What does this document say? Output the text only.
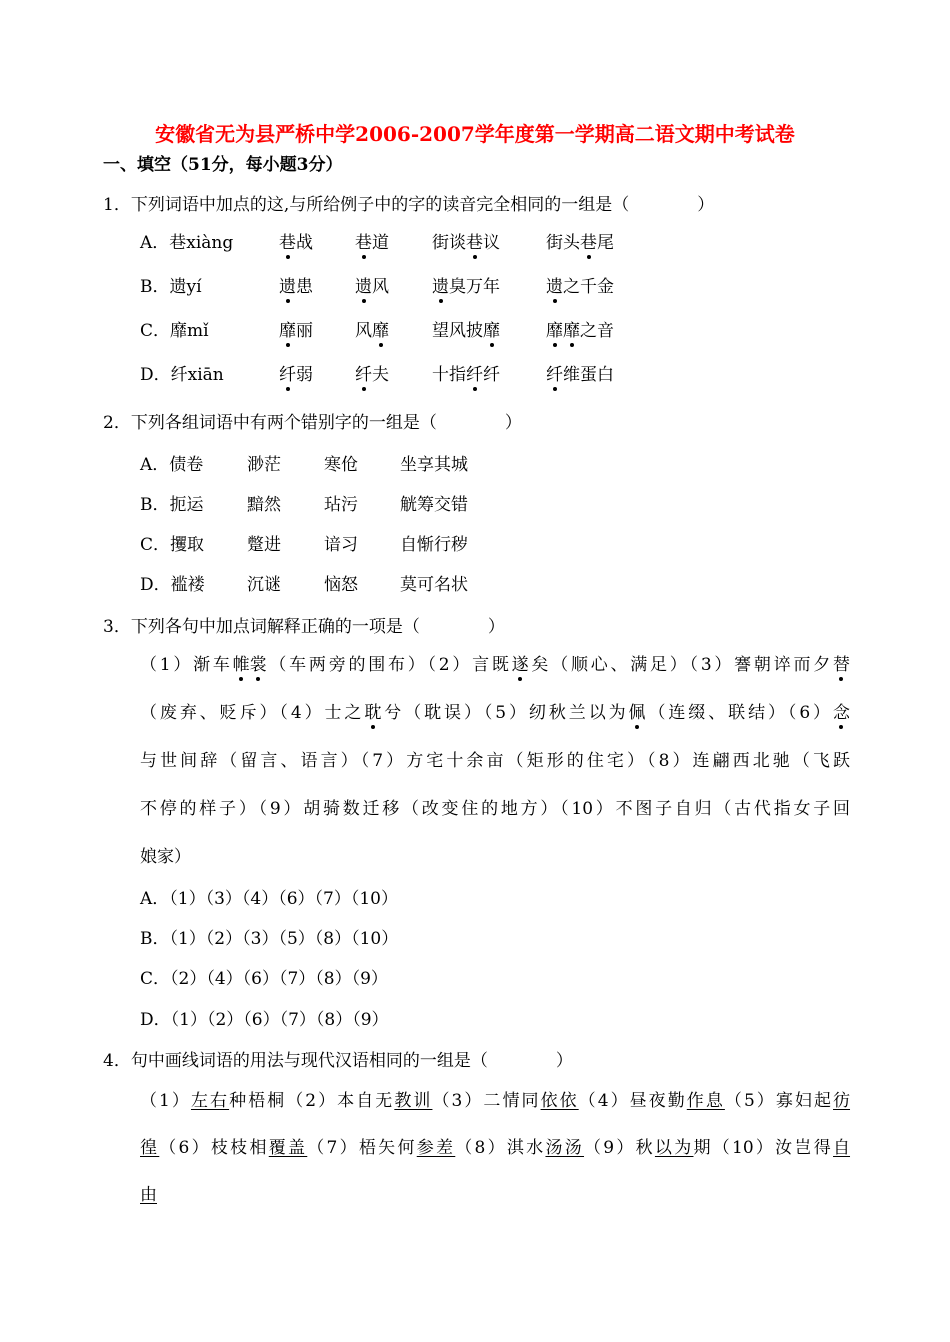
安徽省无为县严桥中学2006-2007学年度第一学期高二语文期中考试卷
一、填空（51分，每小题3分）
1．下列词语中加点的这,与所给例子中的字的读音完全相同的一组是（　　　　）
A．巷xiàng	巷战 巷道	街谈巷议	街头巷尾
B．遗yí	遗患 遗风	遗臭万年	遗之千金
C．靡mǐ	靡丽 风靡	望风披靡	靡靡之音
D．纤xiān	纤弱 纤夫	十指纤纤	纤维蛋白
2．下列各组词语中有两个错别字的一组是（　　　　）
A．债卷	渺茫	寒伧 坐享其城
B．扼运	黯然	玷污 觥筹交错
C．攫取	蹩进	谙习 自惭行秽
D．褴褛 沉谜	恼怒 莫可名状
3．下列各句中加点词解释正确的一项是（　　　　）
（1）渐车帷裳（车两旁的围布）（2）言既遂矣（顺心、满足）（3）謇朝谇而夕替
（废弃、贬斥）（4）士之耽兮（耽误）（5）纫秋兰以为佩（连缀、联结）（6）念
与世间辞（留言、语言）（7）方宅十余亩（矩形的住宅）（8）连翩西北驰（飞跃
不停的样子）（9）胡骑数迁移（改变住的地方）（10）不图子自归（古代指女子回
娘家）
A．（1）（3）（4）（6）（7）（10）
B．（1）（2）（3）（5）（8）（10）
C．（2）（4）（6）（7）（8）（9）
D．（1）（2）（6）（7）（8）（9）
4．句中画线词语的用法与现代汉语相同的一组是（　　　　）
（1）左右种梧桐（2）本自无教训（3）二情同依依（4）昼夜勤作息（5）寡妇起彷
徨（6）枝枝相覆盖（7）梧矢何参差（8）淇水汤汤（9）秋以为期（10）汝岂得自
由
